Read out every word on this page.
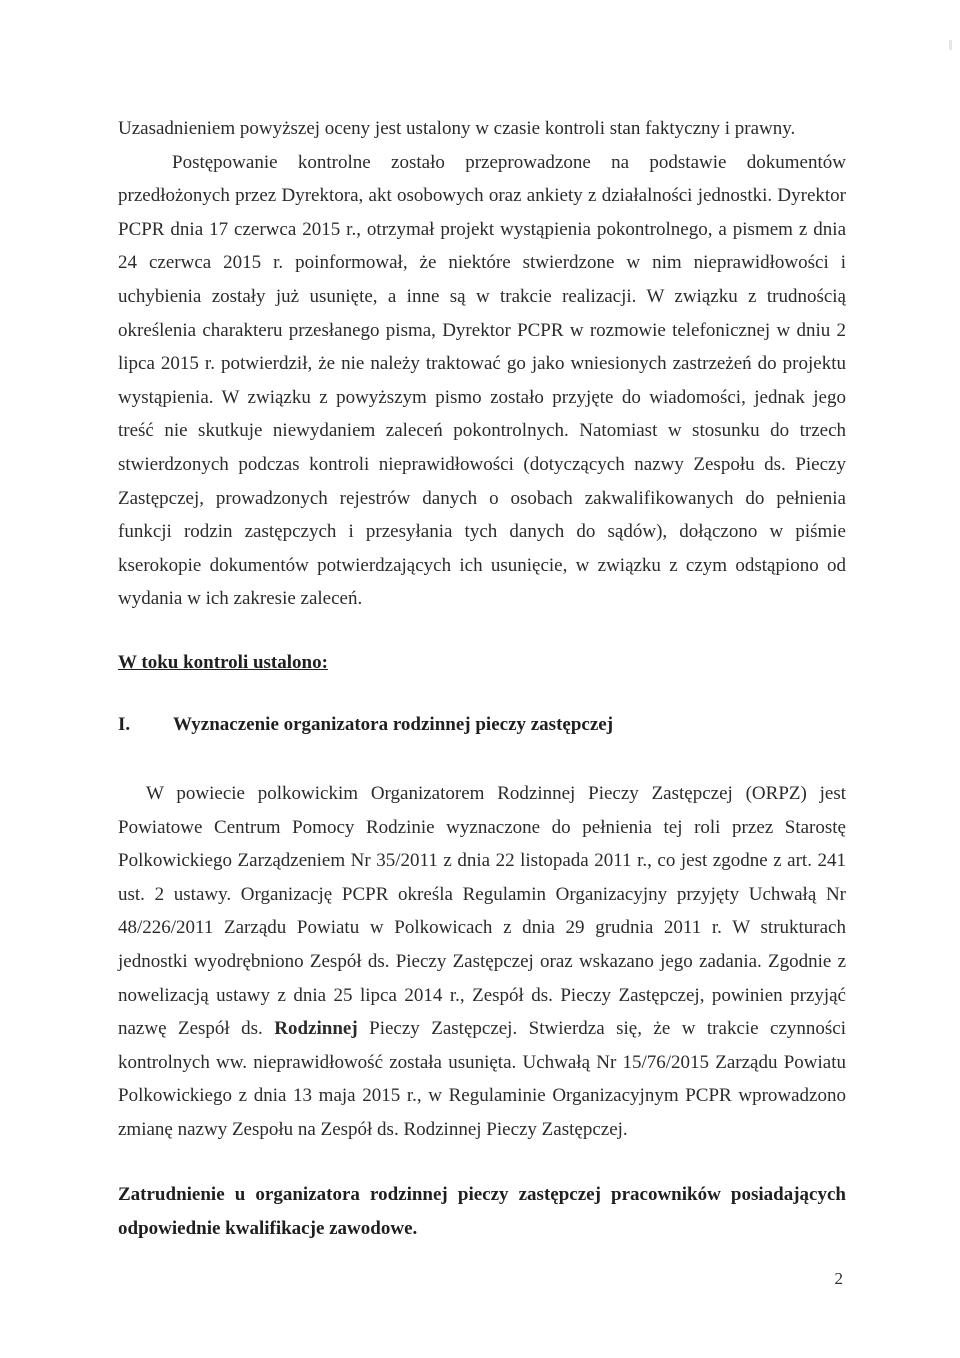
Uzasadnieniem powyższej oceny jest ustalony w czasie kontroli stan faktyczny i prawny.
Postępowanie kontrolne zostało przeprowadzone na podstawie dokumentów przedłożonych przez Dyrektora, akt osobowych oraz ankiety z działalności jednostki. Dyrektor PCPR dnia 17 czerwca 2015 r., otrzymał projekt wystąpienia pokontrolnego, a pismem z dnia 24 czerwca 2015 r. poinformował, że niektóre stwierdzone w nim nieprawidłowości i uchybienia zostały już usunięte, a inne są w trakcie realizacji. W związku z trudnością określenia charakteru przesłanego pisma, Dyrektor PCPR w rozmowie telefonicznej w dniu 2 lipca 2015 r. potwierdził, że nie należy traktować go jako wniesionych zastrzeżeń do projektu wystąpienia. W związku z powyższym pismo zostało przyjęte do wiadomości, jednak jego treść nie skutkuje niewydaniem zaleceń pokontrolnych. Natomiast w stosunku do trzech stwierdzonych podczas kontroli nieprawidłowości (dotyczących nazwy Zespołu ds. Pieczy Zastępczej, prowadzonych rejestrów danych o osobach zakwalifikowanych do pełnienia funkcji rodzin zastępczych i przesyłania tych danych do sądów), dołączono w piśmie kserokopie dokumentów potwierdzających ich usunięcie, w związku z czym odstąpiono od wydania w ich zakresie zaleceń.

W toku kontroli ustalono:

I. Wyznaczenie organizatora rodzinnej pieczy zastępczej

W powiecie polkowickim Organizatorem Rodzinnej Pieczy Zastępczej (ORPZ) jest Powiatowe Centrum Pomocy Rodzinie wyznaczone do pełnienia tej roli przez Starostę Polkowickiego Zarządzeniem Nr 35/2011 z dnia 22 listopada 2011 r., co jest zgodne z art. 241 ust. 2 ustawy. Organizację PCPR określa Regulamin Organizacyjny przyjęty Uchwałą Nr 48/226/2011 Zarządu Powiatu w Polkowicach z dnia 29 grudnia 2011 r. W strukturach jednostki wyodrębniono Zespół ds. Pieczy Zastępczej oraz wskazano jego zadania. Zgodnie z nowelizacją ustawy z dnia 25 lipca 2014 r., Zespół ds. Pieczy Zastępczej, powinien przyjąć nazwę Zespół ds. Rodzinnej Pieczy Zastępczej. Stwierdza się, że w trakcie czynności kontrolnych ww. nieprawidłowość została usunięta. Uchwałą Nr 15/76/2015 Zarządu Powiatu Polkowickiego z dnia 13 maja 2015 r., w Regulaminie Organizacyjnym PCPR wprowadzono zmianę nazwy Zespołu na Zespół ds. Rodzinnej Pieczy Zastępczej.

Zatrudnienie u organizatora rodzinnej pieczy zastępczej pracowników posiadających odpowiednie kwalifikacje zawodowe.

2
